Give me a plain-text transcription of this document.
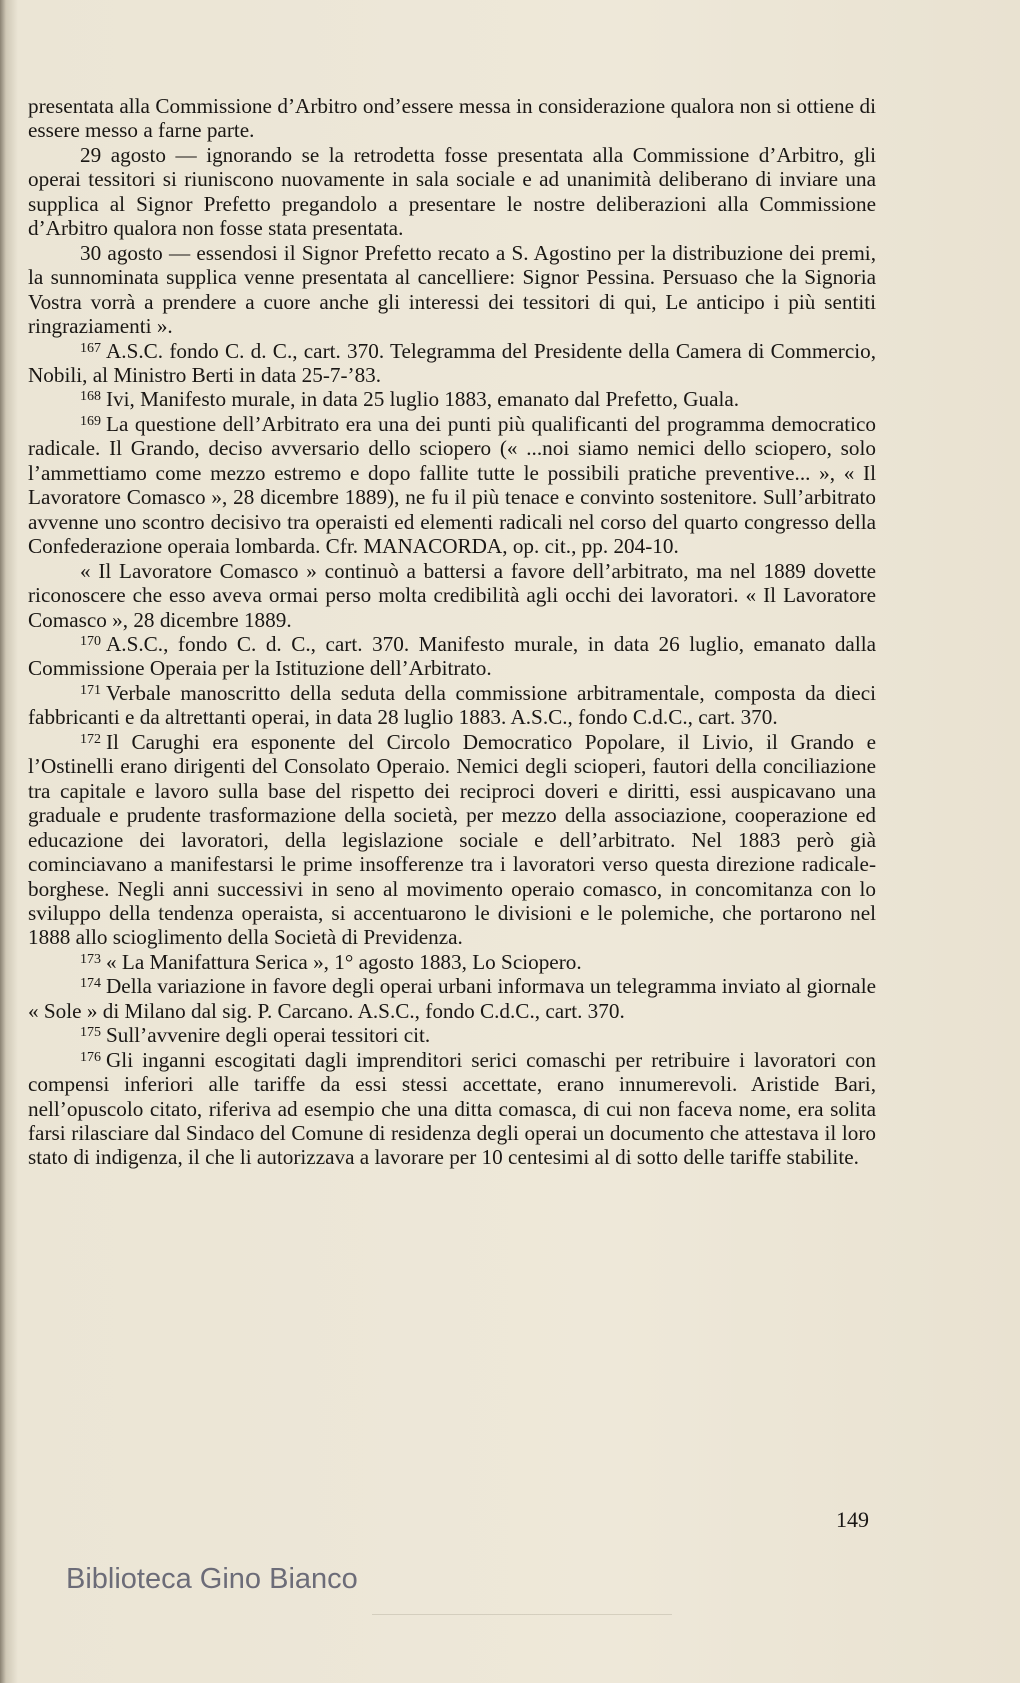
presentata alla Commissione d’Arbitro ond’essere messa in considerazione qualora non si ottiene di essere messo a farne parte.

29 agosto — ignorando se la retrodetta fosse presentata alla Commissione d’Arbitro, gli operai tessitori si riuniscono nuovamente in sala sociale e ad unanimità deliberano di inviare una supplica al Signor Prefetto pregandolo a presentare le nostre deliberazioni alla Commissione d’Arbitro qualora non fosse stata presentata.

30 agosto — essendosi il Signor Prefetto recato a S. Agostino per la distribuzione dei premi, la sunnominata supplica venne presentata al cancelliere: Signor Pessina. Persuaso che la Signoria Vostra vorrà a prendere a cuore anche gli interessi dei tessitori di qui, Le anticipo i più sentiti ringraziamenti ».

$^{167}$ A.S.C. fondo C. d. C., cart. 370. Telegramma del Presidente della Camera di Commercio, Nobili, al Ministro Berti in data 25-7-’83.

$^{168}$ Ivi, Manifesto murale, in data 25 luglio 1883, emanato dal Prefetto, Guala.

$^{169}$ La questione dell’Arbitrato era una dei punti più qualificanti del programma democratico radicale. Il Grando, deciso avversario dello sciopero (« ...noi siamo nemici dello sciopero, solo l’ammettiamo come mezzo estremo e dopo fallite tutte le possibili pratiche preventive... », « Il Lavoratore Comasco », 28 dicembre 1889), ne fu il più tenace e convinto sostenitore. Sull’arbitrato avvenne uno scontro decisivo tra operaisti ed elementi radicali nel corso del quarto congresso della Confederazione operaia lombarda. Cfr. MANACORDA, op. cit., pp. 204-10.

« Il Lavoratore Comasco » continuò a battersi a favore dell’arbitrato, ma nel 1889 dovette riconoscere che esso aveva ormai perso molta credibilità agli occhi dei lavoratori. « Il Lavoratore Comasco », 28 dicembre 1889.

$^{170}$ A.S.C., fondo C. d. C., cart. 370. Manifesto murale, in data 26 luglio, emanato dalla Commissione Operaia per la Istituzione dell’Arbitrato.

$^{171}$ Verbale manoscritto della seduta della commissione arbitramentale, composta da dieci fabbricanti e da altrettanti operai, in data 28 luglio 1883. A.S.C., fondo C.d.C., cart. 370.

$^{172}$ Il Carughi era esponente del Circolo Democratico Popolare, il Livio, il Grando e l’Ostinelli erano dirigenti del Consolato Operaio. Nemici degli scioperi, fautori della conciliazione tra capitale e lavoro sulla base del rispetto dei reciproci doveri e diritti, essi auspicavano una graduale e prudente trasformazione della società, per mezzo della associazione, cooperazione ed educazione dei lavoratori, della legislazione sociale e dell’arbitrato. Nel 1883 però già cominciavano a manifestarsi le prime insofferenze tra i lavoratori verso questa direzione radicale-borghese. Negli anni successivi in seno al movimento operaio comasco, in concomitanza con lo sviluppo della tendenza operaista, si accentuarono le divisioni e le polemiche, che portarono nel 1888 allo scioglimento della Società di Previdenza.

$^{173}$ « La Manifattura Serica », 1° agosto 1883, Lo Sciopero.

$^{174}$ Della variazione in favore degli operai urbani informava un telegramma inviato al giornale « Sole » di Milano dal sig. P. Carcano. A.S.C., fondo C.d.C., cart. 370.

$^{175}$ Sull’avvenire degli operai tessitori cit.

$^{176}$ Gli inganni escogitati dagli imprenditori serici comaschi per retribuire i lavoratori con compensi inferiori alle tariffe da essi stessi accettate, erano innumerevoli. Aristide Bari, nell’opuscolo citato, riferiva ad esempio che una ditta comasca, di cui non faceva nome, era solita farsi rilasciare dal Sindaco del Comune di residenza degli operai un documento che attestava il loro stato di indigenza, il che li autorizzava a lavorare per 10 centesimi al di sotto delle tariffe stabilite.

149
Biblioteca Gino Bianco
